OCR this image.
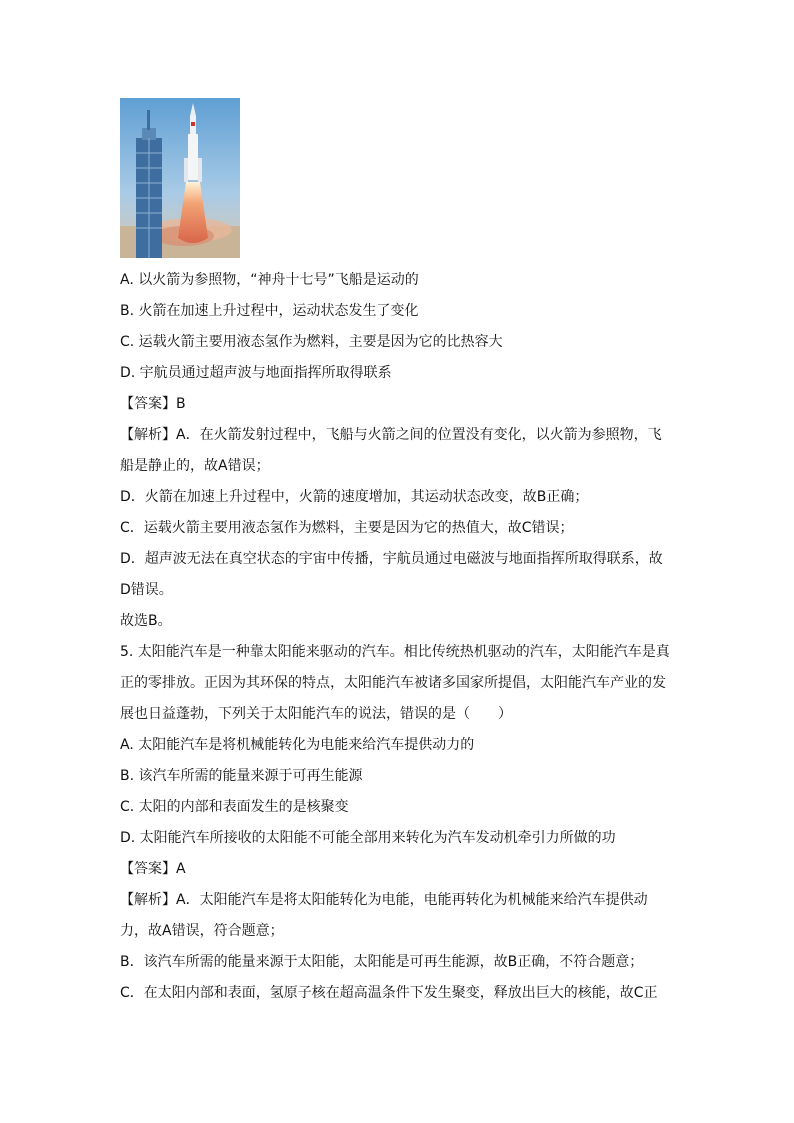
A. 以火箭为参照物，“神舟十七号”飞船是运动的
B. 火箭在加速上升过程中，运动状态发生了变化
C. 运载火箭主要用液态氢作为燃料，主要是因为它的比热容大
D. 宇航员通过超声波与地面指挥所取得联系
【答案】B
【解析】A．在火箭发射过程中，飞船与火箭之间的位置没有变化，以火箭为参照物，飞
船是静止的，故A错误；
D．火箭在加速上升过程中，火箭的速度增加，其运动状态改变，故B正确；
C．运载火箭主要用液态氢作为燃料，主要是因为它的热值大，故C错误；
D．超声波无法在真空状态的宇宙中传播，宇航员通过电磁波与地面指挥所取得联系，故
D错误。
故选B。
5. 太阳能汽车是一种靠太阳能来驱动的汽车。相比传统热机驱动的汽车，太阳能汽车是真
正的零排放。正因为其环保的特点，太阳能汽车被诸多国家所提倡，太阳能汽车产业的发
展也日益蓬勃，下列关于太阳能汽车的说法，错误的是（　　）
A. 太阳能汽车是将机械能转化为电能来给汽车提供动力的
B. 该汽车所需的能量来源于可再生能源
C. 太阳的内部和表面发生的是核聚变
D. 太阳能汽车所接收的太阳能不可能全部用来转化为汽车发动机牵引力所做的功
【答案】A
【解析】A．太阳能汽车是将太阳能转化为电能，电能再转化为机械能来给汽车提供动
力，故A错误，符合题意；
B．该汽车所需的能量来源于太阳能，太阳能是可再生能源，故B正确，不符合题意；
C．在太阳内部和表面，氢原子核在超高温条件下发生聚变，释放出巨大的核能，故C正
